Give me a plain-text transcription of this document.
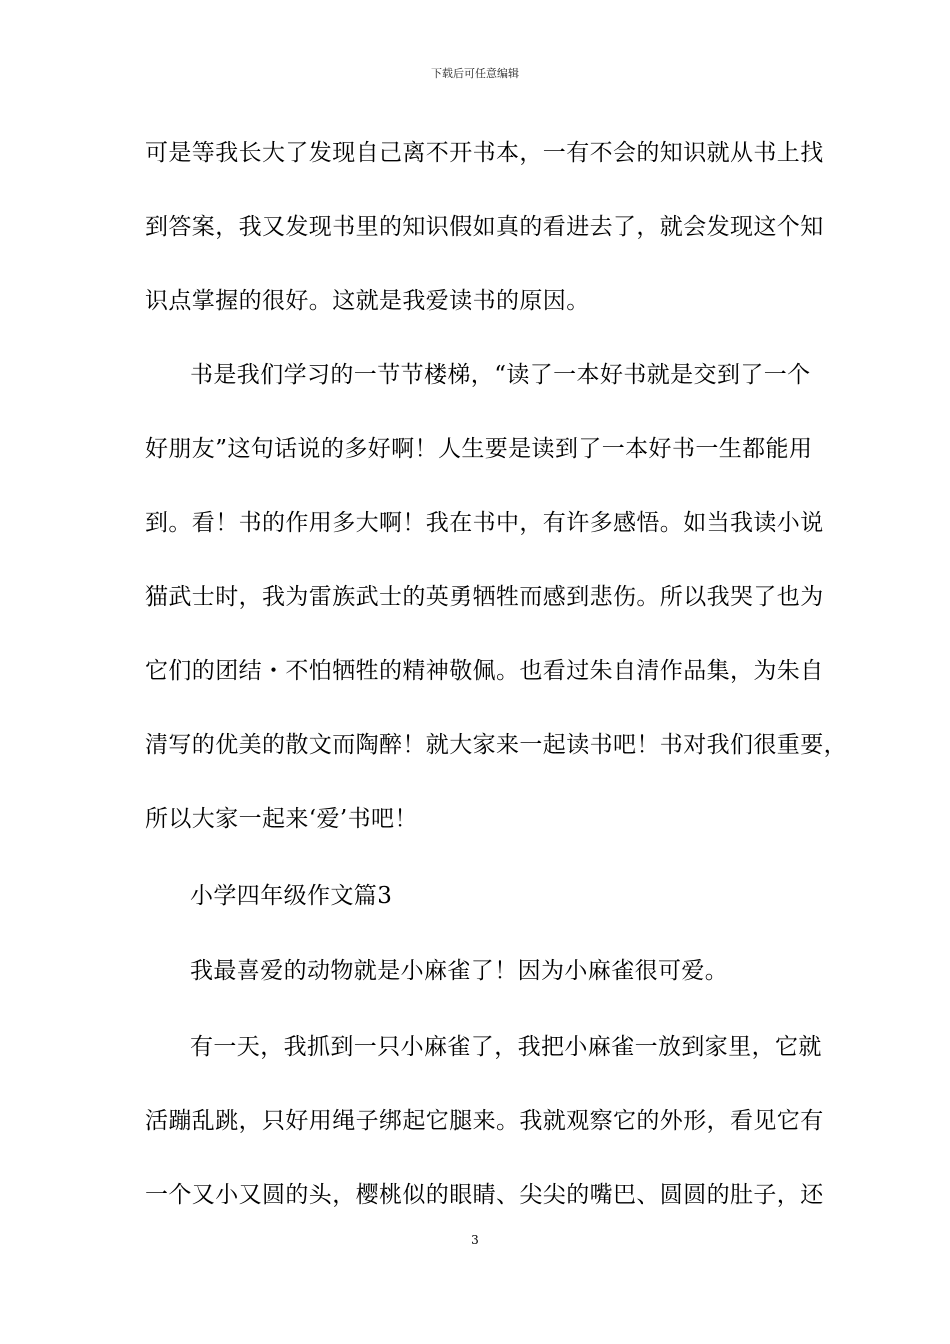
下载后可任意编辑
可是等我长大了发现自己离不开书本，一有不会的知识就从书上找
到答案，我又发现书里的知识假如真的看进去了，就会发现这个知
识点掌握的很好。这就是我爱读书的原因。
书是我们学习的一节节楼梯，“读了一本好书就是交到了一个
好朋友”这句话说的多好啊！人生要是读到了一本好书一生都能用
到。看！书的作用多大啊！我在书中，有许多感悟。如当我读小说
猫武士时，我为雷族武士的英勇牺牲而感到悲伤。所以我哭了也为
它们的团结・不怕牺牲的精神敬佩。也看过朱自清作品集，为朱自
清写的优美的散文而陶醉！就大家来一起读书吧！书对我们很重要，
所以大家一起来‘爱’书吧！
小学四年级作文篇3
我最喜爱的动物就是小麻雀了！因为小麻雀很可爱。
有一天，我抓到一只小麻雀了，我把小麻雀一放到家里，它就
活蹦乱跳，只好用绳子绑起它腿来。我就观察它的外形，看见它有
一个又小又圆的头，樱桃似的眼睛、尖尖的嘴巴、圆圆的肚子，还
3
